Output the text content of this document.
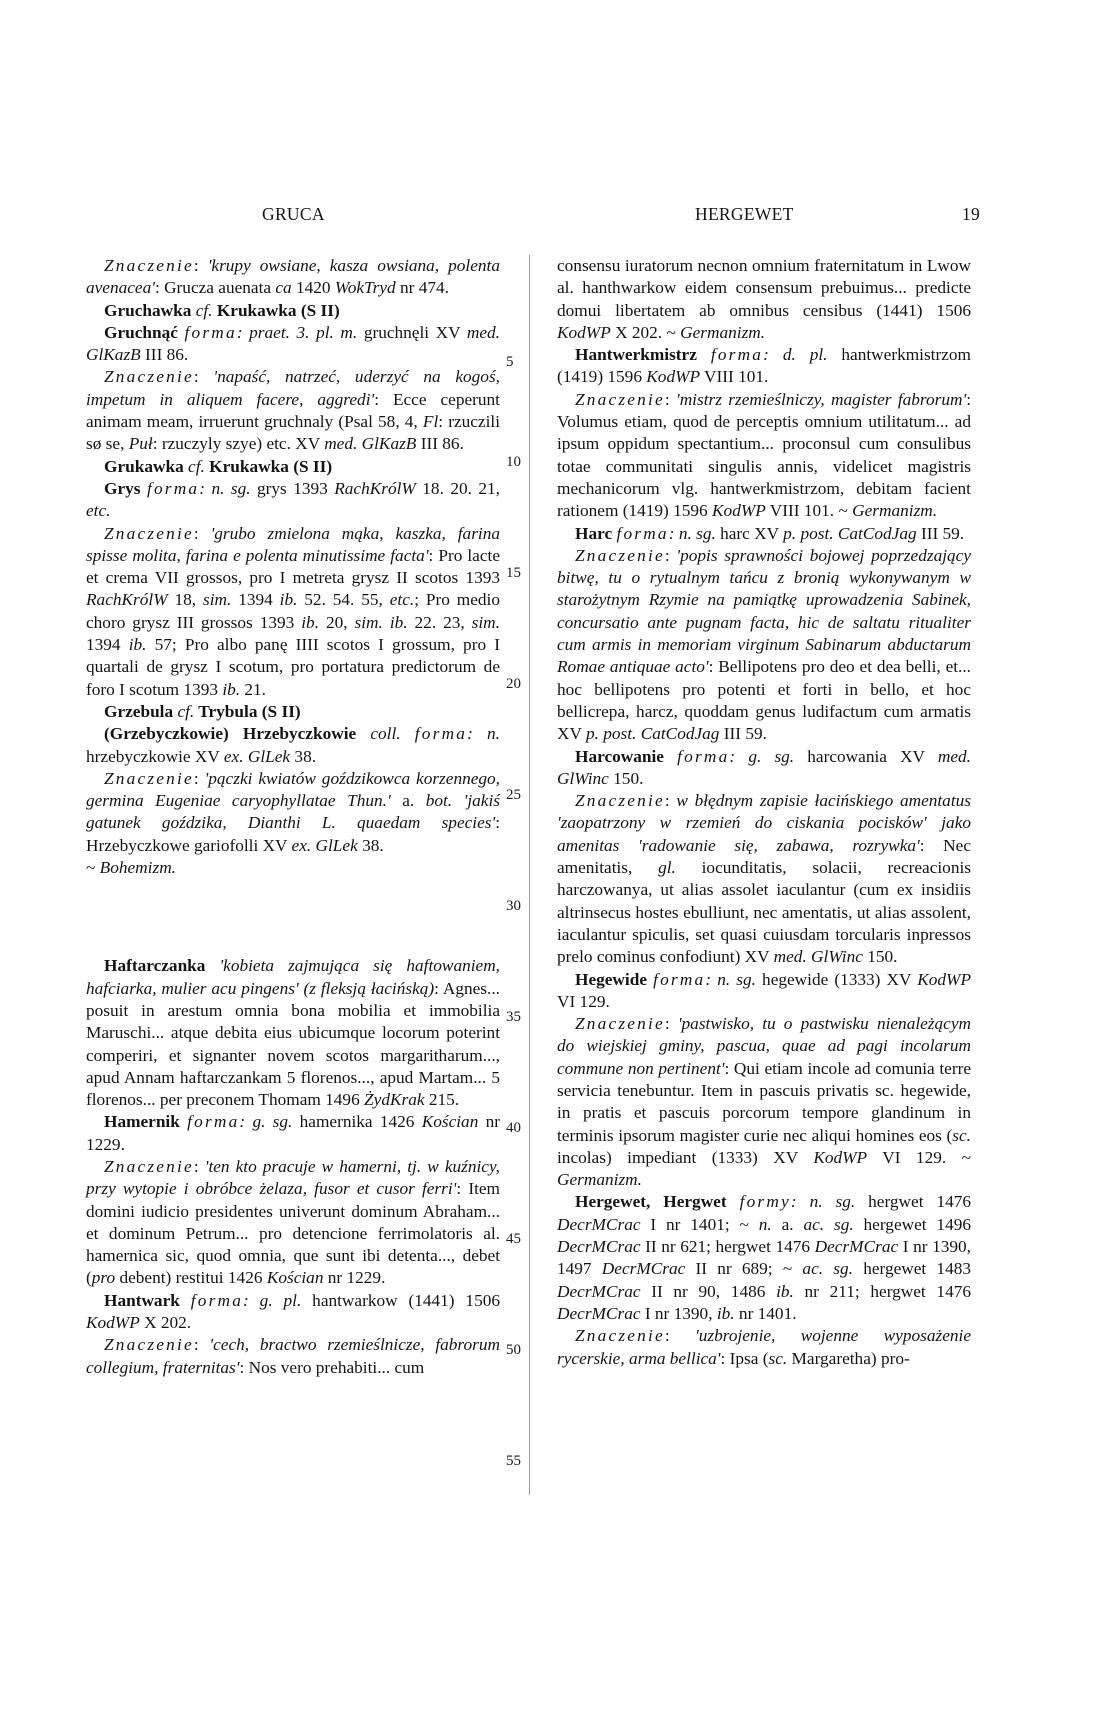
GRUCA	HERGEWET	19
5
10
15
20
25
30
35
40
45
50
55

Znaczenie: 'krupy owsiane, kasza owsiana, polenta avenacea': Grucza auenata ca 1420 WokTryd nr 474.

Gruchawka cf. Krukawka (S II)

Gruchnąć forma: praet. 3. pl. m. gruchnęli XV med. GlKazB III 86.

Znaczenie: 'napaść, natrzeć, uderzyć na kogoś, impetum in aliquem facere, aggredi': Ecce ceperunt animam meam, irruerunt gruchnaly (Psal 58, 4, Fl: rzuczili sø se, Puł: rzuczyly szye) etc. XV med. GlKazB III 86.

Grukawka cf. Krukawka (S II)

Grys forma: n. sg. grys 1393 RachKrólW 18. 20. 21, etc.

Znaczenie: 'grubo zmielona mąka, kaszka, farina spisse molita, farina e polenta minutissime facta': Pro lacte et crema VII grossos, pro I metreta grysz II scotos 1393 RachKrólW 18, sim. 1394 ib. 52. 54. 55, etc.; Pro medio choro grysz III grossos 1393 ib. 20, sim. ib. 22. 23, sim. 1394 ib. 57; Pro albo panę IIII scotos I grossum, pro I quartali de grysz I scotum, pro portatura predictorum de foro I scotum 1393 ib. 21.

Grzebula cf. Trybula (S II)

(Grzebyczkowie) Hrzebyczkowie coll. forma: n. hrzebyczkowie XV ex. GlLek 38.

Znaczenie: 'pączki kwiatów goździkowca korzennego, germina Eugeniae caryophyllatae Thun.' a. bot. 'jakiś gatunek goździka, Dianthi L. quaedam species': Hrzebyczkowe gariofolli XV ex. GlLek 38.

~ Bohemizm.

Haftarczanka 'kobieta zajmująca się haftowaniem, hafciarka, mulier acu pingens' (z fleksją łacińską): Agnes... posuit in arestum omnia bona mobilia et immobilia Maruschi... atque debita eius ubicumque locorum poterint comperiri, et signanter novem scotos margaritharum..., apud Annam haftarczankam 5 florenos..., apud Martam... 5 florenos... per preconem Thomam 1496 ŻydKrak 215.

Hamernik forma: g. sg. hamernika 1426 Kościan nr 1229.

Znaczenie: 'ten kto pracuje w hamerni, tj. w kuźnicy, przy wytopie i obróbce żelaza, fusor et cusor ferri': Item domini iudicio presidentes univerunt dominum Abraham... et dominum Petrum... pro detencione ferrimolatoris al. hamernica sic, quod omnia, que sunt ibi detenta..., debet (pro debent) restitui 1426 Kościan nr 1229.

Hantwark forma: g. pl. hantwarkow (1441) 1506 KodWP X 202.

Znaczenie: 'cech, bractwo rzemieślnicze, fabrorum collegium, fraternitas': Nos vero prehabiti... cum

consensu iuratorum necnon omnium fraternitatum in Lwow al. hanthwarkow eidem consensum prebuimus... predicte domui libertatem ab omnibus censibus (1441) 1506 KodWP X 202. ~ Germanizm.

Hantwerkmistrz forma: d. pl. hantwerkmistrzom (1419) 1596 KodWP VIII 101.

Znaczenie: 'mistrz rzemieślniczy, magister fabrorum': Volumus etiam, quod de perceptis omnium utilitatum... ad ipsum oppidum spectantium... proconsul cum consulibus totae communitati singulis annis, videlicet magistris mechanicorum vlg. hantwerkmistrzom, debitam facient rationem (1419) 1596 KodWP VIII 101. ~ Germanizm.

Harc forma: n. sg. harc XV p. post. CatCodJag III 59.

Znaczenie: 'popis sprawności bojowej poprzedzający bitwę, tu o rytualnym tańcu z bronią wykonywanym w starożytnym Rzymie na pamiątkę uprowadzenia Sabinek, concursatio ante pugnam facta, hic de saltatu ritualiter cum armis in memoriam virginum Sabinarum abductarum Romae antiquae acto': Bellipotens pro deo et dea belli, et... hoc bellipotens pro potenti et forti in bello, et hoc bellicrepa, harcz, quoddam genus ludifactum cum armatis XV p. post. CatCodJag III 59.

Harcowanie forma: g. sg. harcowania XV med. GlWinc 150.

Znaczenie: w błędnym zapisie łacińskiego amentatus 'zaopatrzony w rzemień do ciskania pocisków' jako amenitas 'radowanie się, zabawa, rozrywka': Nec amenitatis, gl. iocunditatis, solacii, recreacionis harczowanya, ut alias assolet iaculantur (cum ex insidiis altrinsecus hostes ebulliunt, nec amentatis, ut alias assolent, iaculantur spiculis, set quasi cuiusdam torcularis inpressos prelo cominus confodiunt) XV med. GlWinc 150.

Hegewide forma: n. sg. hegewide (1333) XV KodWP VI 129.

Znaczenie: 'pastwisko, tu o pastwisku nienależącym do wiejskiej gminy, pascua, quae ad pagi incolarum commune non pertinent': Qui etiam incole ad comunia terre servicia tenebuntur. Item in pascuis privatis sc. hegewide, in pratis et pascuis porcorum tempore glandinum in terminis ipsorum magister curie nec aliqui homines eos (sc. incolas) impediant (1333) XV KodWP VI 129. ~ Germanizm.

Hergewet, Hergwet formy: n. sg. hergwet 1476 DecrMCrac I nr 1401; ~ n. a. ac. sg. hergewet 1496 DecrMCrac II nr 621; hergwet 1476 DecrMCrac I nr 1390, 1497 DecrMCrac II nr 689; ~ ac. sg. hergewet 1483 DecrMCrac II nr 90, 1486 ib. nr 211; hergwet 1476 DecrMCrac I nr 1390, ib. nr 1401.

Znaczenie: 'uzbrojenie, wojenne wyposażenie rycerskie, arma bellica': Ipsa (sc. Margaretha) pro-
